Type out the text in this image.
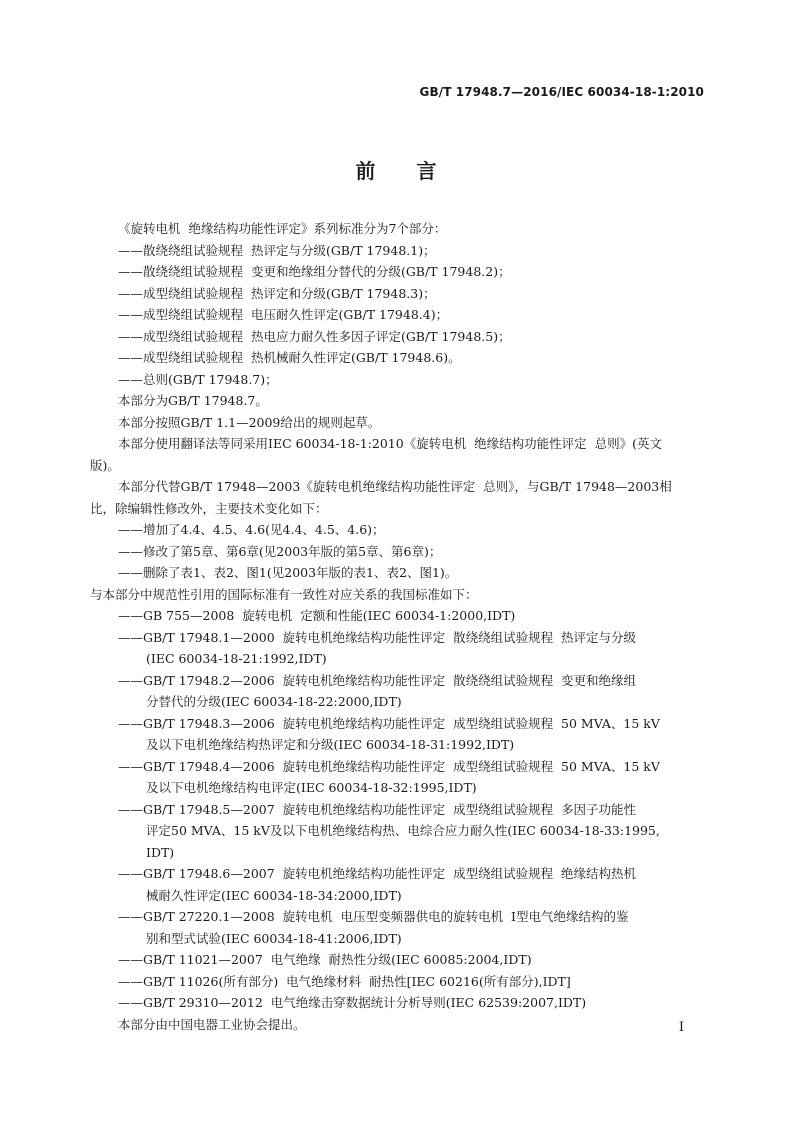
GB/T 17948.7—2016/IEC 60034-18-1:2010
前 言

《旋转电机  绝缘结构功能性评定》系列标准分为7个部分：

——散绕绕组试验规程  热评定与分级(GB/T 17948.1)；

——散绕绕组试验规程  变更和绝缘组分替代的分级(GB/T 17948.2)；

——成型绕组试验规程  热评定和分级(GB/T 17948.3)；

——成型绕组试验规程  电压耐久性评定(GB/T 17948.4)；

——成型绕组试验规程  热电应力耐久性多因子评定(GB/T 17948.5)；

——成型绕组试验规程  热机械耐久性评定(GB/T 17948.6)。

——总则(GB/T 17948.7)；

本部分为GB/T 17948.7。

本部分按照GB/T 1.1—2009给出的规则起草。

本部分使用翻译法等同采用IEC 60034-18-1:2010《旋转电机  绝缘结构功能性评定  总则》(英文

版)。

本部分代替GB/T 17948—2003《旋转电机绝缘结构功能性评定  总则》，与GB/T 17948—2003相

比，除编辑性修改外，主要技术变化如下：

——增加了4.4、4.5、4.6(见4.4、4.5、4.6)；

——修改了第5章、第6章(见2003年版的第5章、第6章)；

——删除了表1、表2、图1(见2003年版的表1、表2、图1)。

与本部分中规范性引用的国际标准有一致性对应关系的我国标准如下：

——GB 755—2008  旋转电机  定额和性能(IEC 60034-1:2000,IDT)

——GB/T 17948.1—2000  旋转电机绝缘结构功能性评定  散绕绕组试验规程  热评定与分级

(IEC 60034-18-21:1992,IDT)

——GB/T 17948.2—2006  旋转电机绝缘结构功能性评定  散绕绕组试验规程  变更和绝缘组

分替代的分级(IEC 60034-18-22:2000,IDT)

——GB/T 17948.3—2006  旋转电机绝缘结构功能性评定  成型绕组试验规程  50 MVA、15 kV

及以下电机绝缘结构热评定和分级(IEC 60034-18-31:1992,IDT)

——GB/T 17948.4—2006  旋转电机绝缘结构功能性评定  成型绕组试验规程  50 MVA、15 kV

及以下电机绝缘结构电评定(IEC 60034-18-32:1995,IDT)

——GB/T 17948.5—2007  旋转电机绝缘结构功能性评定  成型绕组试验规程  多因子功能性

评定50 MVA、15 kV及以下电机绝缘结构热、电综合应力耐久性(IEC 60034-18-33:1995,

IDT)

——GB/T 17948.6—2007  旋转电机绝缘结构功能性评定  成型绕组试验规程  绝缘结构热机

械耐久性评定(IEC 60034-18-34:2000,IDT)

——GB/T 27220.1—2008  旋转电机  电压型变频器供电的旋转电机  Ⅰ型电气绝缘结构的鉴

别和型式试验(IEC 60034-18-41:2006,IDT)

——GB/T 11021—2007  电气绝缘  耐热性分级(IEC 60085:2004,IDT)

——GB/T 11026(所有部分)  电气绝缘材料  耐热性[IEC 60216(所有部分),IDT]

——GB/T 29310—2012  电气绝缘击穿数据统计分析导则(IEC 62539:2007,IDT)

本部分由中国电器工业协会提出。	I
